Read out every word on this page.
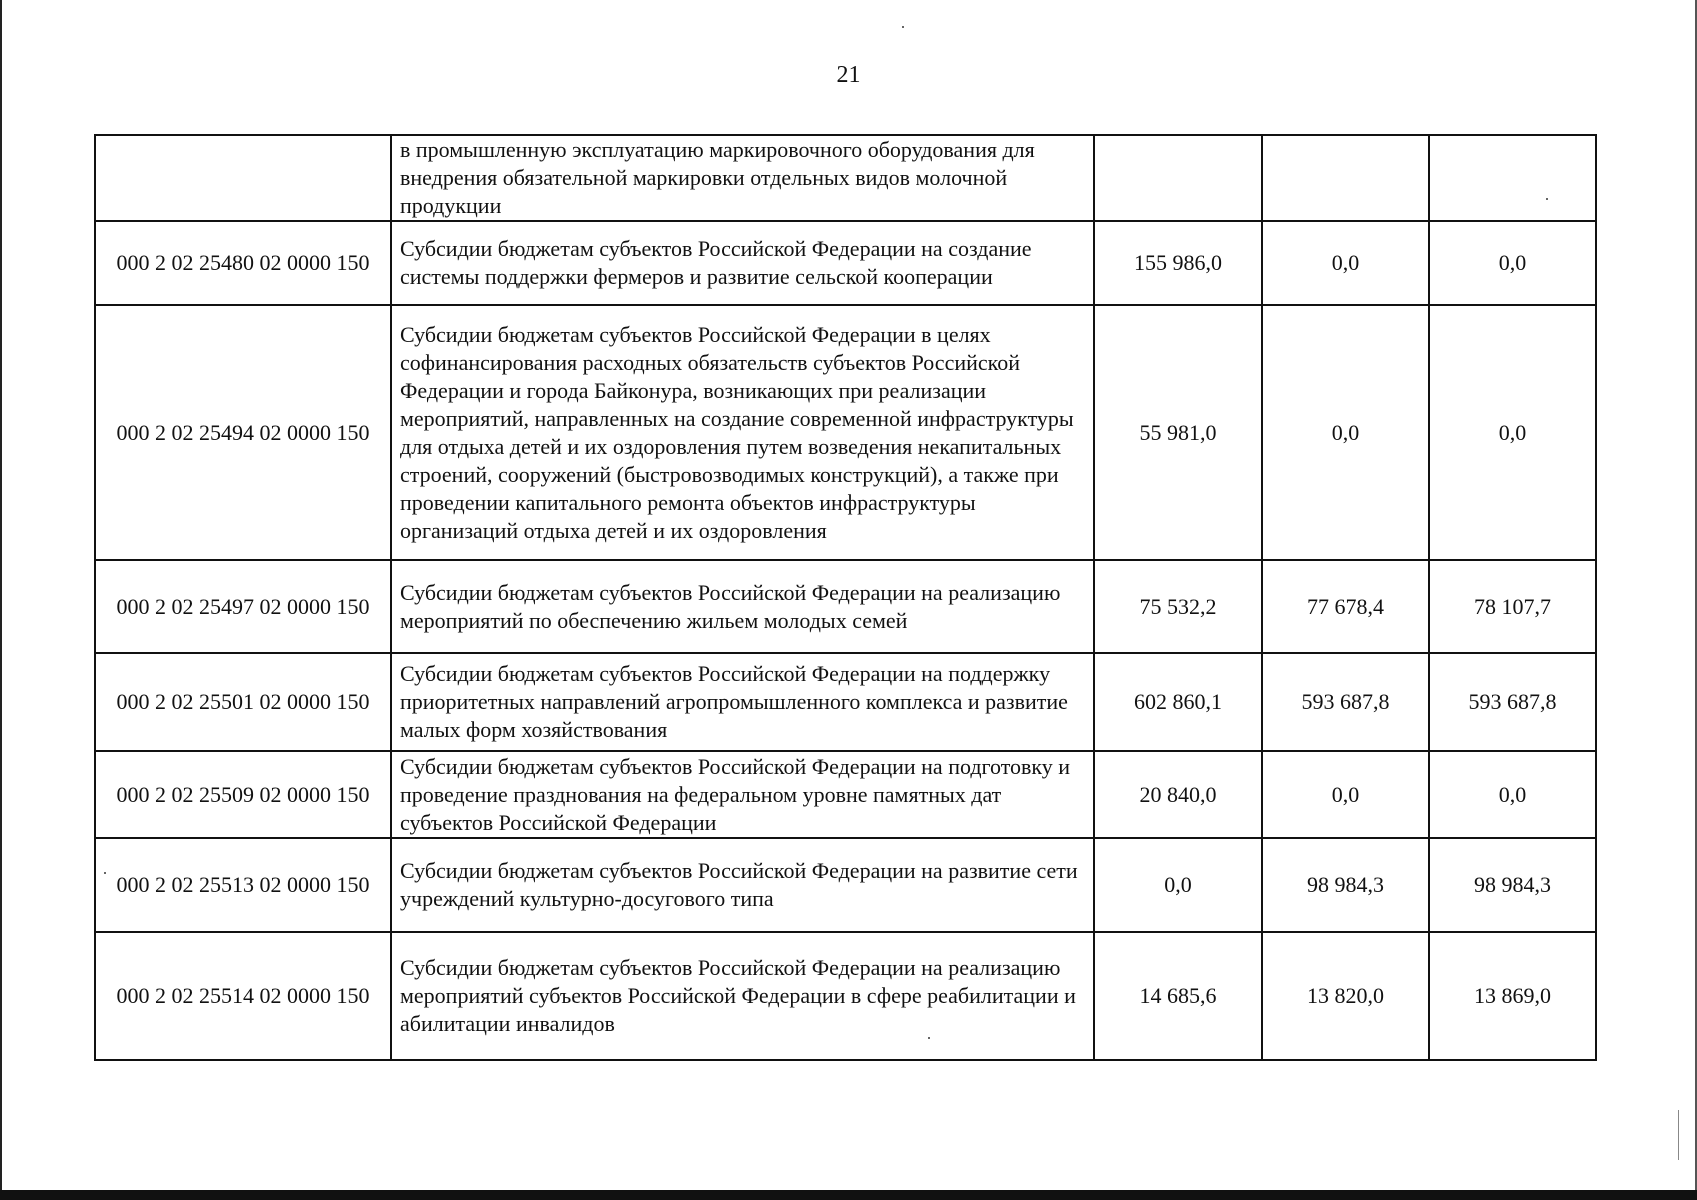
21
	в промышленную эксплуатацию маркировочного оборудования для внедрения обязательной маркировки отдельных видов молочной продукции			
000 2 02 25480 02 0000 150	Субсидии бюджетам субъектов Российской Федерации на создание системы поддержки фермеров и развитие сельской кооперации	155 986,0	0,0	0,0
000 2 02 25494 02 0000 150	Субсидии бюджетам субъектов Российской Федерации в целях софинансирования расходных обязательств субъектов Российской Федерации и города Байконура, возникающих при реализации мероприятий, направленных на создание современной инфраструктуры для отдыха детей и их оздоровления путем возведения некапитальных строений, сооружений (быстровозводимых конструкций), а также при проведении капитального ремонта объектов инфраструктуры организаций отдыха детей и их оздоровления	55 981,0	0,0	0,0
000 2 02 25497 02 0000 150	Субсидии бюджетам субъектов Российской Федерации на реализацию мероприятий по обеспечению жильем молодых семей	75 532,2	77 678,4	78 107,7
000 2 02 25501 02 0000 150	Субсидии бюджетам субъектов Российской Федерации на поддержку приоритетных направлений агропромышленного комплекса и развитие малых форм хозяйствования	602 860,1	593 687,8	593 687,8
000 2 02 25509 02 0000 150	Субсидии бюджетам субъектов Российской Федерации на подготовку и проведение празднования на федеральном уровне памятных дат субъектов Российской Федерации	20 840,0	0,0	0,0
000 2 02 25513 02 0000 150	Субсидии бюджетам субъектов Российской Федерации на развитие сети учреждений культурно-досугового типа	0,0	98 984,3	98 984,3
000 2 02 25514 02 0000 150	Субсидии бюджетам субъектов Российской Федерации на реализацию мероприятий субъектов Российской Федерации в сфере реабилитации и абилитации инвалидов	14 685,6	13 820,0	13 869,0
